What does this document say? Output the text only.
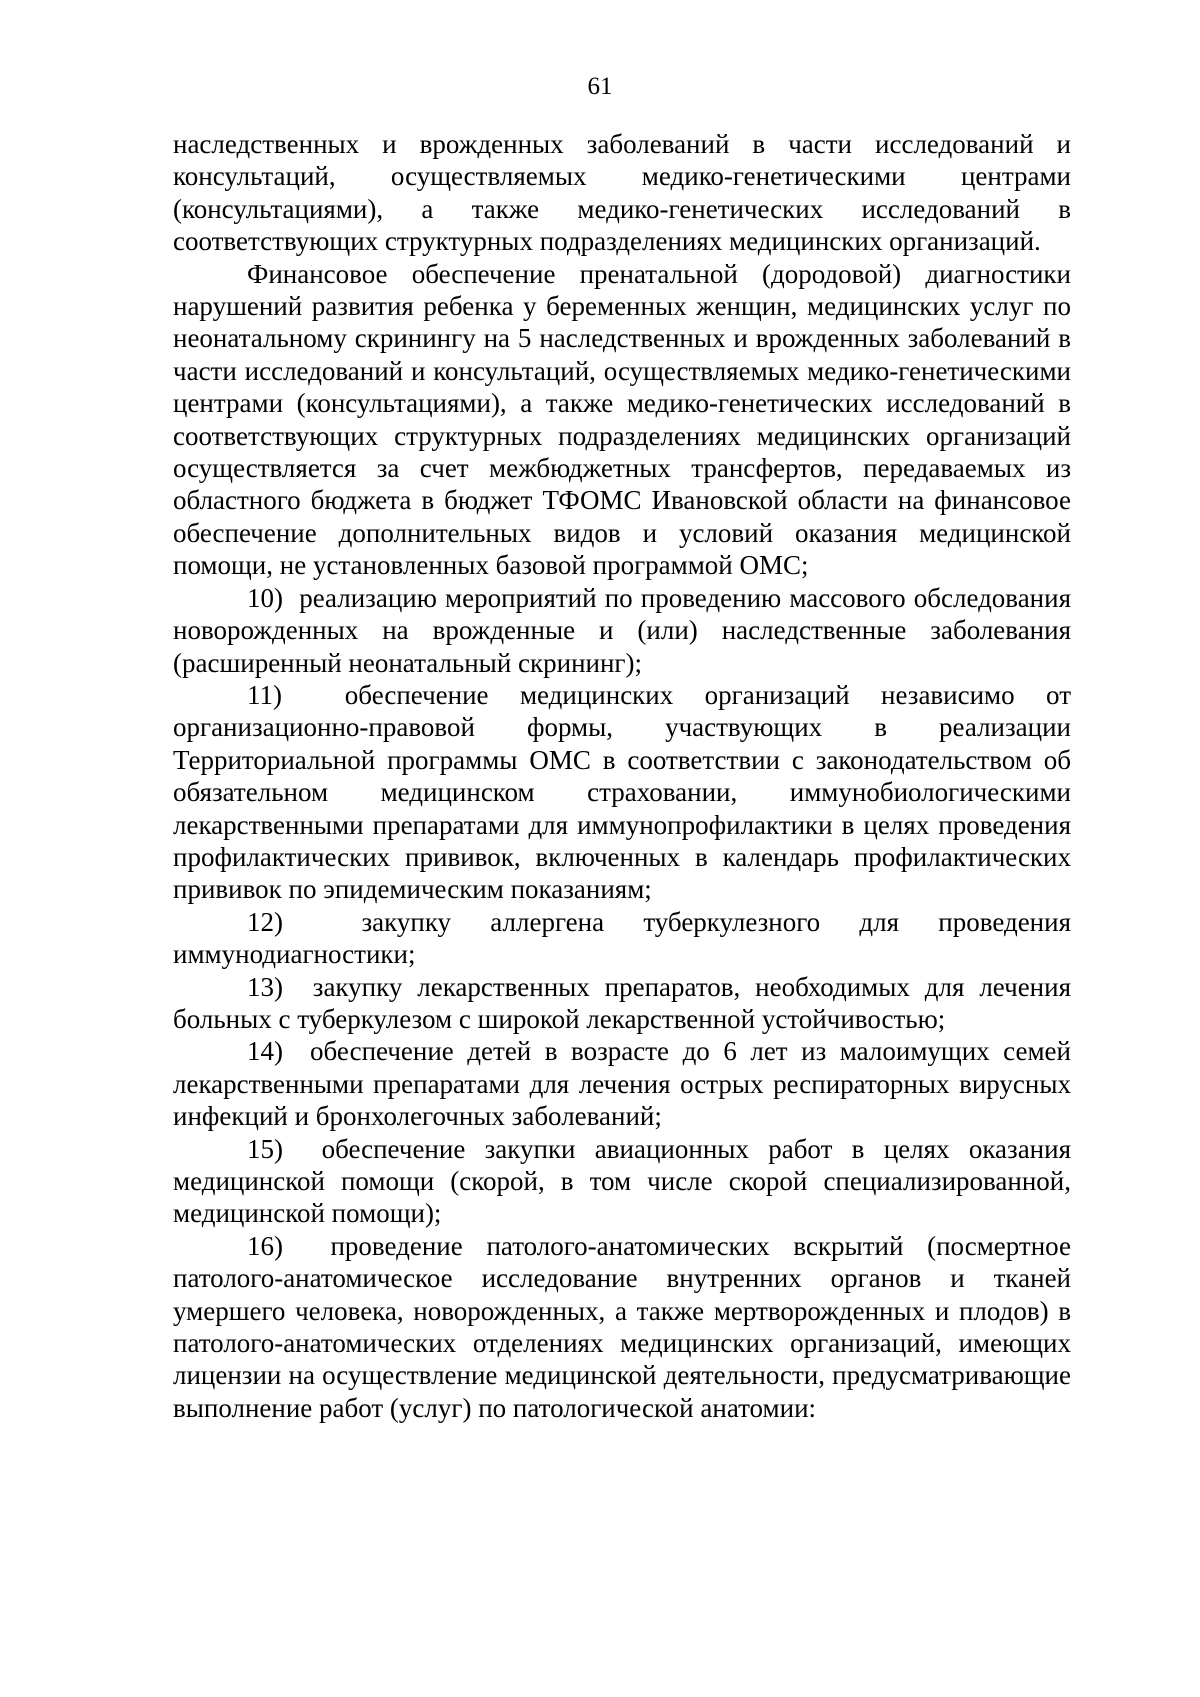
61

наследственных и врожденных заболеваний в части исследований и консультаций, осуществляемых медико-генетическими центрами (консультациями), а также медико-генетических исследований в соответствующих структурных подразделениях медицинских организаций.

Финансовое обеспечение пренатальной (дородовой) диагностики нарушений развития ребенка у беременных женщин, медицинских услуг по неонатальному скринингу на 5 наследственных и врожденных заболеваний в части исследований и консультаций, осуществляемых медико-генетическими центрами (консультациями), а также медико-генетических исследований в соответствующих структурных подразделениях медицинских организаций осуществляется за счет межбюджетных трансфертов, передаваемых из областного бюджета в бюджет ТФОМС Ивановской области на финансовое обеспечение дополнительных видов и условий оказания медицинской помощи, не установленных базовой программой ОМС;

10)  реализацию мероприятий по проведению массового обследования новорожденных на врожденные и (или) наследственные заболевания (расширенный неонатальный скрининг);

11)  обеспечение медицинских организаций независимо от организационно-правовой формы, участвующих в реализации Территориальной программы ОМС в соответствии с законодательством об обязательном медицинском страховании, иммунобиологическими лекарственными препаратами для иммунопрофилактики в целях проведения профилактических прививок, включенных в календарь профилактических прививок по эпидемическим показаниям;

12)  закупку аллергена туберкулезного для проведения иммунодиагностики;

13)  закупку лекарственных препаратов, необходимых для лечения больных с туберкулезом с широкой лекарственной устойчивостью;

14)  обеспечение детей в возрасте до 6 лет из малоимущих семей лекарственными препаратами для лечения острых респираторных вирусных инфекций и бронхолегочных заболеваний;

15)  обеспечение закупки авиационных работ в целях оказания медицинской помощи (скорой, в том числе скорой специализированной, медицинской помощи);

16)  проведение патолого-анатомических вскрытий (посмертное патолого-анатомическое исследование внутренних органов и тканей умершего человека, новорожденных, а также мертворожденных и плодов) в патолого-анатомических отделениях медицинских организаций, имеющих лицензии на осуществление медицинской деятельности, предусматривающие выполнение работ (услуг) по патологической анатомии:
